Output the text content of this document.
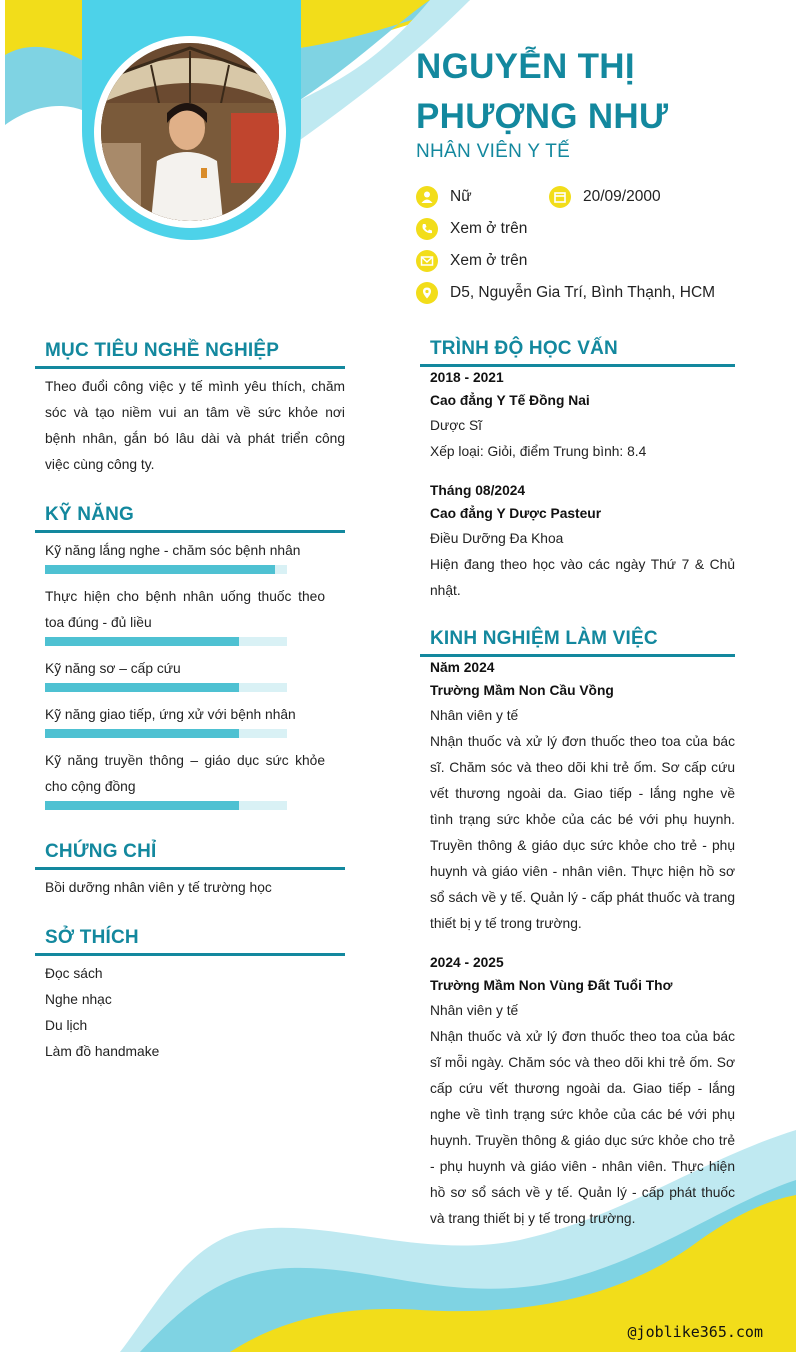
NGUYỄN THỊ
PHƯỢNG NHƯ
NHÂN VIÊN Y TẾ
Nữ	20/09/2000
Xem ở trên
Xem ở trên
D5, Nguyễn Gia Trí, Bình Thạnh, HCM
MỤC TIÊU NGHỀ NGHIỆP
Theo đuổi công việc y tế mình yêu thích, chăm sóc và tạo niềm vui an tâm về sức khỏe nơi bệnh nhân, gắn bó lâu dài và phát triển công việc cùng công ty.
KỸ NĂNG
Kỹ năng lắng nghe - chăm sóc bệnh nhân
Thực hiện cho bệnh nhân uống thuốc theo toa đúng - đủ liều
Kỹ năng sơ – cấp cứu
Kỹ năng giao tiếp, ứng xử với bệnh nhân
Kỹ năng truyền thông – giáo dục sức khỏe cho cộng đồng
CHỨNG CHỈ
Bồi dưỡng nhân viên y tế trường học
SỞ THÍCH
Đọc sách
Nghe nhạc
Du lịch
Làm đồ handmake
TRÌNH ĐỘ HỌC VẤN
2018 - 2021
Cao đẳng Y Tế Đồng Nai
Dược Sĩ
Xếp loại: Giỏi, điểm Trung bình: 8.4
Tháng 08/2024
Cao đẳng Y Dược Pasteur
Điều Dưỡng Đa Khoa
Hiện đang theo học vào các ngày Thứ 7 & Chủ nhật.
KINH NGHIỆM LÀM VIỆC
Năm 2024
Trường Mầm Non Cầu Vồng
Nhân viên y tế
Nhận thuốc và xử lý đơn thuốc theo toa của bác sĩ. Chăm sóc và theo dõi khi trẻ ốm. Sơ cấp cứu vết thương ngoài da. Giao tiếp - lắng nghe về tình trạng sức khỏe của các bé với phụ huynh. Truyền thông & giáo dục sức khỏe cho trẻ - phụ huynh và giáo viên - nhân viên. Thực hiện hồ sơ sổ sách về y tế. Quản lý - cấp phát thuốc và trang thiết bị y tế trong trường.
2024 - 2025
Trường Mầm Non Vùng Đất Tuổi Thơ
Nhân viên y tế
Nhận thuốc và xử lý đơn thuốc theo toa của bác sĩ mỗi ngày. Chăm sóc và theo dõi khi trẻ ốm. Sơ cấp cứu vết thương ngoài da. Giao tiếp - lắng nghe về tình trạng sức khỏe của các bé với phụ huynh. Truyền thông & giáo dục sức khỏe cho trẻ - phụ huynh và giáo viên - nhân viên. Thực hiện hồ sơ sổ sách về y tế. Quản lý - cấp phát thuốc và trang thiết bị y tế trong trường.
@joblike365.com
